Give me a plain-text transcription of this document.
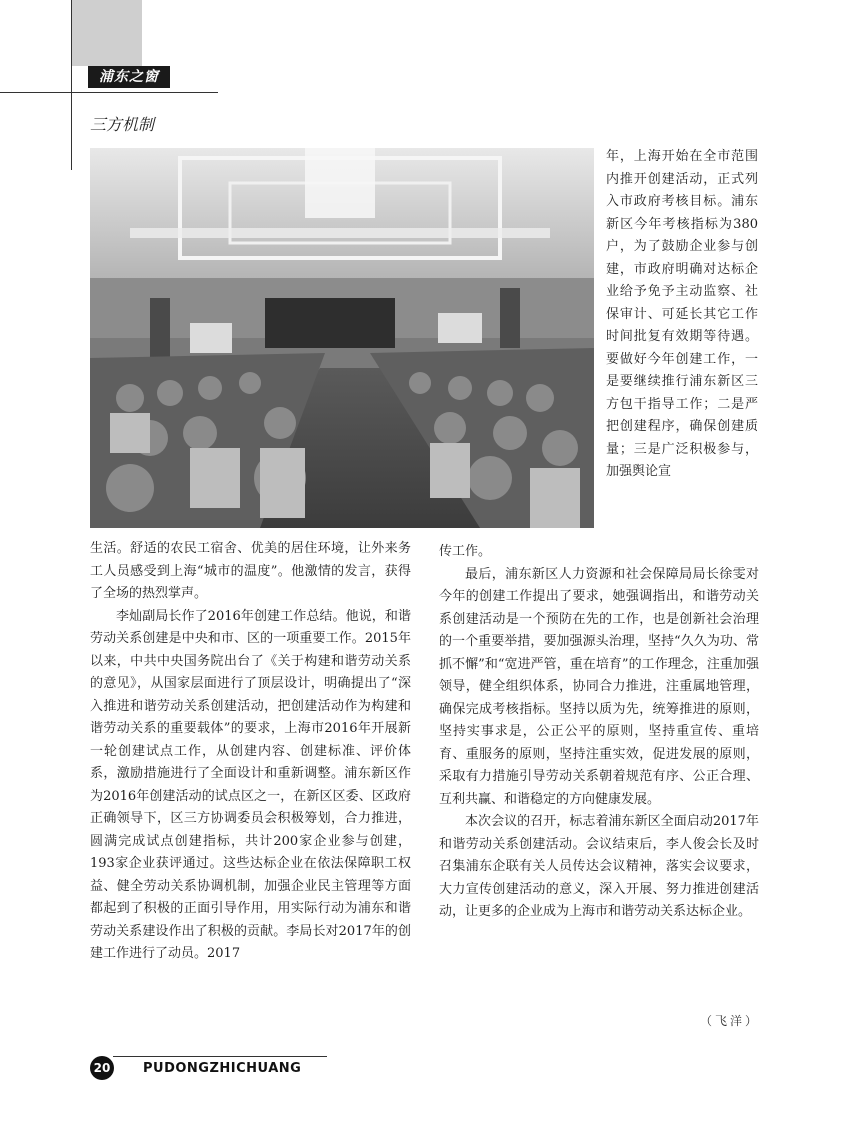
浦东之窗
三方机制

年，上海开始在全市范围内推开创建活动，正式列入市政府考核目标。浦东新区今年考核指标为380户，为了鼓励企业参与创建，市政府明确对达标企业给予免予主动监察、社保审计、可延长其它工作时间批复有效期等待遇。要做好今年创建工作，一是要继续推行浦东新区三方包干指导工作；二是严把创建程序，确保创建质量；三是广泛积极参与，加强舆论宣

生活。舒适的农民工宿舍、优美的居住环境，让外来务工人员感受到上海“城市的温度”。他激情的发言，获得了全场的热烈掌声。

李灿副局长作了2016年创建工作总结。他说，和谐劳动关系创建是中央和市、区的一项重要工作。2015年以来，中共中央国务院出台了《关于构建和谐劳动关系的意见》，从国家层面进行了顶层设计，明确提出了“深入推进和谐劳动关系创建活动，把创建活动作为构建和谐劳动关系的重要载体”的要求，上海市2016年开展新一轮创建试点工作，从创建内容、创建标准、评价体系，激励措施进行了全面设计和重新调整。浦东新区作为2016年创建活动的试点区之一，在新区区委、区政府正确领导下，区三方协调委员会积极筹划，合力推进，圆满完成试点创建指标，共计200家企业参与创建，193家企业获评通过。这些达标企业在依法保障职工权益、健全劳动关系协调机制，加强企业民主管理等方面都起到了积极的正面引导作用，用实际行动为浦东和谐劳动关系建设作出了积极的贡献。李局长对2017年的创建工作进行了动员。2017

传工作。

最后，浦东新区人力资源和社会保障局局长徐雯对今年的创建工作提出了要求，她强调指出，和谐劳动关系创建活动是一个预防在先的工作，也是创新社会治理的一个重要举措，要加强源头治理，坚持“久久为功、常抓不懈”和“宽进严管，重在培育”的工作理念，注重加强领导，健全组织体系，协同合力推进，注重属地管理，确保完成考核指标。坚持以质为先，统筹推进的原则，坚持实事求是，公正公平的原则，坚持重宣传、重培育、重服务的原则，坚持注重实效，促进发展的原则，采取有力措施引导劳动关系朝着规范有序、公正合理、互利共赢、和谐稳定的方向健康发展。

本次会议的召开，标志着浦东新区全面启动2017年和谐劳动关系创建活动。会议结束后，李人俊会长及时召集浦东企联有关人员传达会议精神，落实会议要求，大力宣传创建活动的意义，深入开展、努力推进创建活动，让更多的企业成为上海市和谐劳动关系达标企业。

（飞洋）
20	PUDONGZHICHUANG
